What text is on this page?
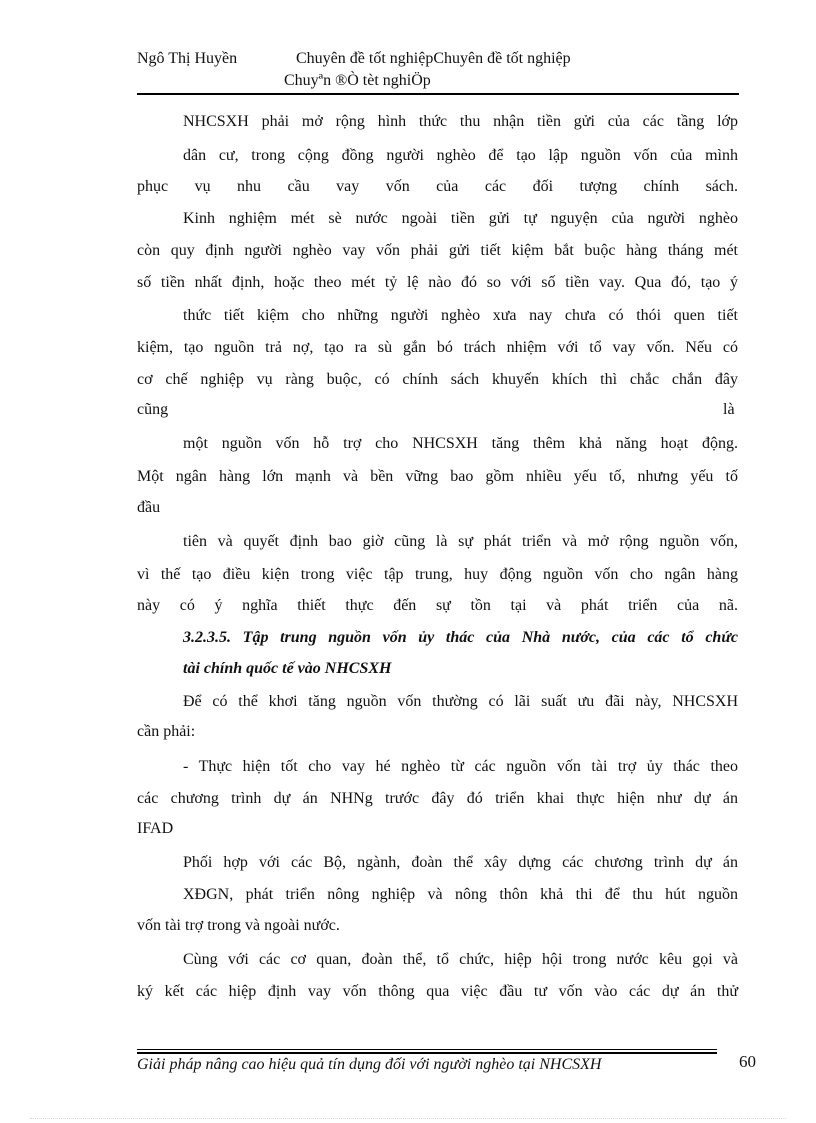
Ngô Thị Huyền	Chuyên đề tốt nghiệpChuyên đề tốt nghiệp
Chuyªn ®Ò tèt nghiÖp
NHCSXH phải mở rộng hình thức thu nhận tiền gửi của các tầng lớp
dân cư, trong cộng đồng người nghèo để tạo lập nguồn vốn của mình
phục vụ nhu cầu vay vốn của các đối tượng chính sách.
Kinh nghiệm mét sè nước ngoài tiền gửi tự nguyện của người nghèo
còn quy định người nghèo vay vốn phải gửi tiết kiệm bắt buộc hàng tháng mét
số tiền nhất định, hoặc theo mét tỷ lệ nào đó so với số tiền vay. Qua đó, tạo ý
thức tiết kiệm cho những người nghèo xưa nay chưa có thói quen tiết
kiệm, tạo nguồn trả nợ, tạo ra sù gắn bó trách nhiệm với tổ vay vốn. Nếu có
cơ chế nghiệp vụ ràng buộc, có chính sách khuyến khích thì chắc chắn đây
cũng	là
một nguồn vốn hỗ trợ cho NHCSXH tăng thêm khả năng hoạt động.
Một ngân hàng lớn mạnh và bền vững bao gồm nhiều yếu tố, nhưng yếu tố
đầu
tiên và quyết định bao giờ cũng là sự phát triển và mở rộng nguồn vốn,
vì thế tạo điều kiện trong việc tập trung, huy động nguồn vốn cho ngân hàng
này có ý nghĩa thiết thực đến sự tồn tại và phát triển của nã.
3.2.3.5. Tập trung nguồn vốn ủy thác của Nhà nước, của các tổ chức
tài chính quốc tế vào NHCSXH
Để có thể khơi tăng nguồn vốn thường có lãi suất ưu đãi này, NHCSXH
cần phải:
- Thực hiện tốt cho vay hé nghèo từ các nguồn vốn tài trợ ủy thác theo
các chương trình dự án NHNg trước đây đó triển khai thực hiện như dự án
IFAD
Phối hợp với các Bộ, ngành, đoàn thể xây dựng các chương trình dự án
XĐGN, phát triển nông nghiệp và nông thôn khả thi để thu hút nguồn
vốn tài trợ trong và ngoài nước.
Cùng với các cơ quan, đoàn thể, tổ chức, hiệp hội trong nước kêu gọi và
ký kết các hiệp định vay vốn thông qua việc đầu tư vốn vào các dự án thử
Giải pháp nâng cao hiệu quả tín dụng đối với người nghèo tại NHCSXH	60
